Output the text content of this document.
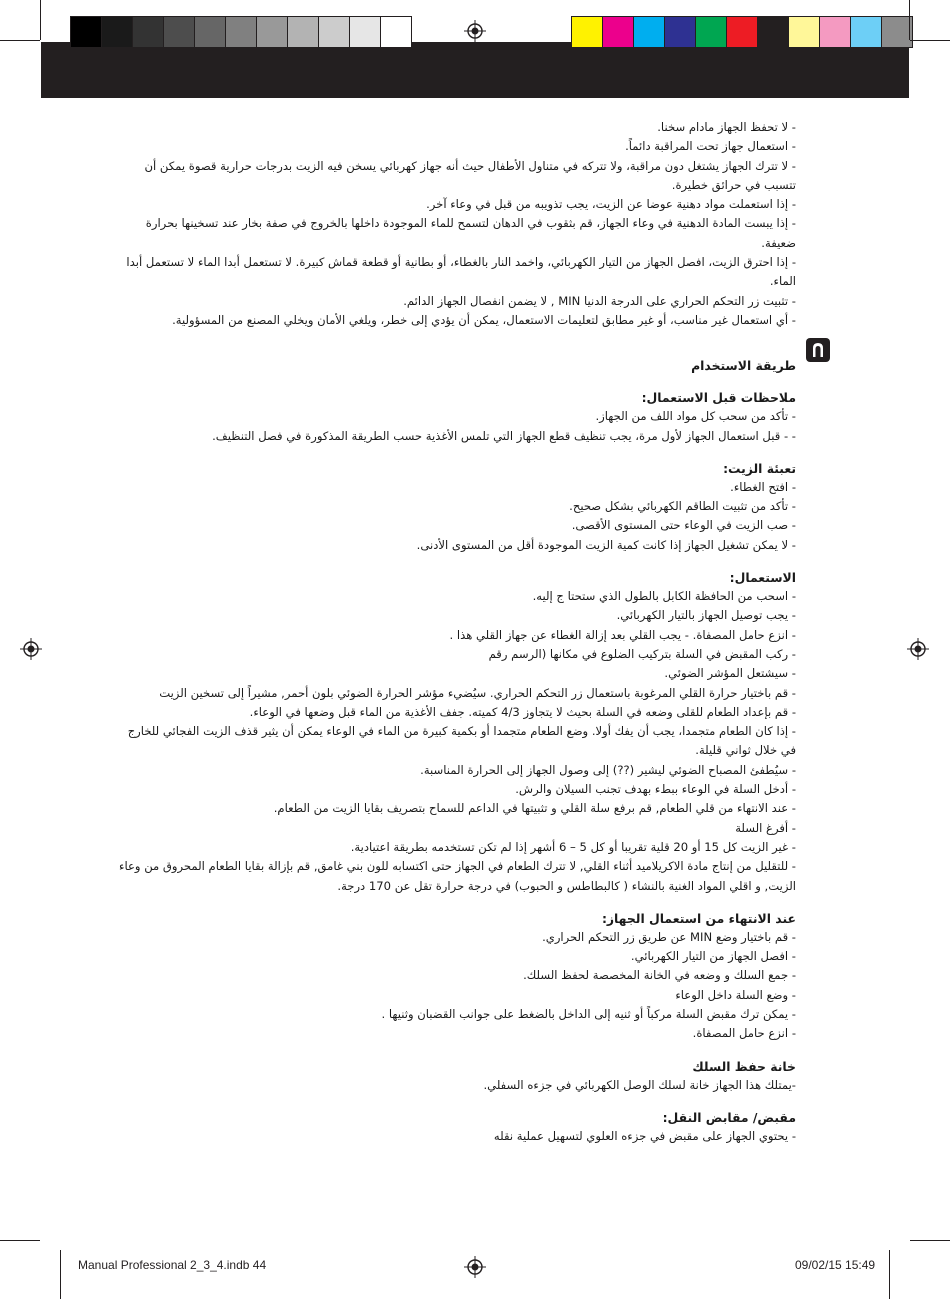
- لا تحفظ الجهاز مادام سخنا.
- استعمال جهاز تحت المراقبة دائماً.
- لا تترك الجهاز يشتغل دون مراقبة، ولا تتركه في متناول الأطفال حيث أنه جهاز كهربائي يسخن فيه الزيت بدرجات حرارية قصوة يمكن أن تتسبب في حرائق خطيرة.
- إذا استعملت مواد دهنية عوضا عن الزيت، يجب تذويبه من قبل في وعاء آخر.
- إذا يبست المادة الدهنية في وعاء الجهاز، قم بثقوب في الدهان لتسمح للماء الموجودة داخلها بالخروج في صفة بخار عند تسخينها بحرارة ضعيفة.
- إذا احترق الزيت، افصل الجهاز من التيار الكهربائي، واخمد النار بالغطاء، أو بطانية أو قطعة قماش كبيرة. لا تستعمل أبدا الماء لا تستعمل أبدا الماء.
- تثبيت زر التحكم الحراري على الدرجة الدنيا MIN , لا يضمن انفصال الجهاز الدائم.
- أي استعمال غير مناسب، أو غير مطابق لتعليمات الاستعمال، يمكن أن يؤدي إلى خطر، ويلغي الأمان ويخلي المصنع من المسؤولية.
طريقة الاستخدام
ملاحظات قبل الاستعمال:
- تأكد من سحب كل مواد اللف من الجهاز.
- - قبل استعمال الجهاز لأول مرة، يجب تنظيف قطع الجهاز التي تلمس الأغذية حسب الطريقة المذكورة في فصل التنظيف.
تعبئة الزيت:
- افتح الغطاء.
- تأكد من تثبيت الطاقم الكهربائي بشكل صحيح.
- صب الزيت في الوعاء حتى المستوى الأقصى.
- لا يمكن تشغيل الجهاز إذا كانت كمية الزيت الموجودة أقل من المستوى الأدنى.
الاستعمال:
- اسحب من الحافظة الكابل بالطول الذي ستحتا ج إليه.
- يجب توصيل الجهاز بالتيار الكهربائي.
- انزع حامل المصفاة. - يجب القلي بعد إزالة الغطاء عن جهاز القلي هذا .
- ركب المقبض في السلة بتركيب الضلوع في مكانها (الرسم رقم
- سيشتعل المؤشر الضوئي.
- قم باختيار حرارة القلي المرغوبة باستعمال زر التحكم الحراري. سيُضيء مؤشر الحرارة الضوئي بلون أحمر, مشيراً إلى تسخين الزيت
- قم بإعداد الطعام للقلى وضعه في السلة بحيث لا يتجاوز 4/3 كميته. جفف الأغذية من الماء قبل وضعها في الوعاء.
- إذا كان الطعام متجمدا، يجب أن يفك أولا. وضع الطعام متجمدا أو بكمية كبيرة من الماء في الوعاء يمكن أن يثير قذف الزيت الفجائي للخارج في خلال ثواني قليلة.
- سيُطفئ المصباح الضوئي ليشير (??) إلى وصول الجهاز إلى الحرارة المناسبة.
- أدخل السلة في الوعاء ببطء بهدف تجنب السيلان والرش.
- عند الانتهاء من قلي الطعام, قم برفع سلة القلي و تثبيتها في الداعم للسماح بتصريف بقايا الزيت من الطعام.
- أفرغ السلة
- غير الزيت كل 15 أو 20 قلية تقريبا أو كل 5 – 6 أشهر إذا لم تكن تستخدمه بطريقة اعتيادية.
- للتقليل من إنتاج مادة الاكريلاميد أثناء القلي, لا تترك الطعام في الجهاز حتى اكتسابه للون بني غامق, قم بإزالة بقايا الطعام المحروق من وعاء الزيت, و اقلي المواد الغنية بالنشاء ( كالبطاطس و الحبوب) في درجة حرارة تقل عن 170 درجة.
عند الانتهاء من استعمال الجهاز:
- قم باختيار وضع MIN عن طريق زر التحكم الحراري.
- افصل الجهاز من التيار الكهربائي.
- جمع السلك و وضعه في الخانة المخصصة لحفظ السلك.
- وضع السلة داخل الوعاء
- يمكن ترك مقبض السلة مركباً أو ثنيه إلى الداخل بالضغط على جوانب القضبان وثنيها .
- انزع حامل المصفاة.
خانة حفظ السلك
-يمتلك هذا الجهاز خانة لسلك الوصل الكهربائي في جزءه السفلي.
مقبض/ مقابض النقل:
- يحتوي الجهاز على مقبض في جزءه العلوي لتسهيل عملية نقله
Manual Professional 2_3_4.indb 44	09/02/15 15:49
